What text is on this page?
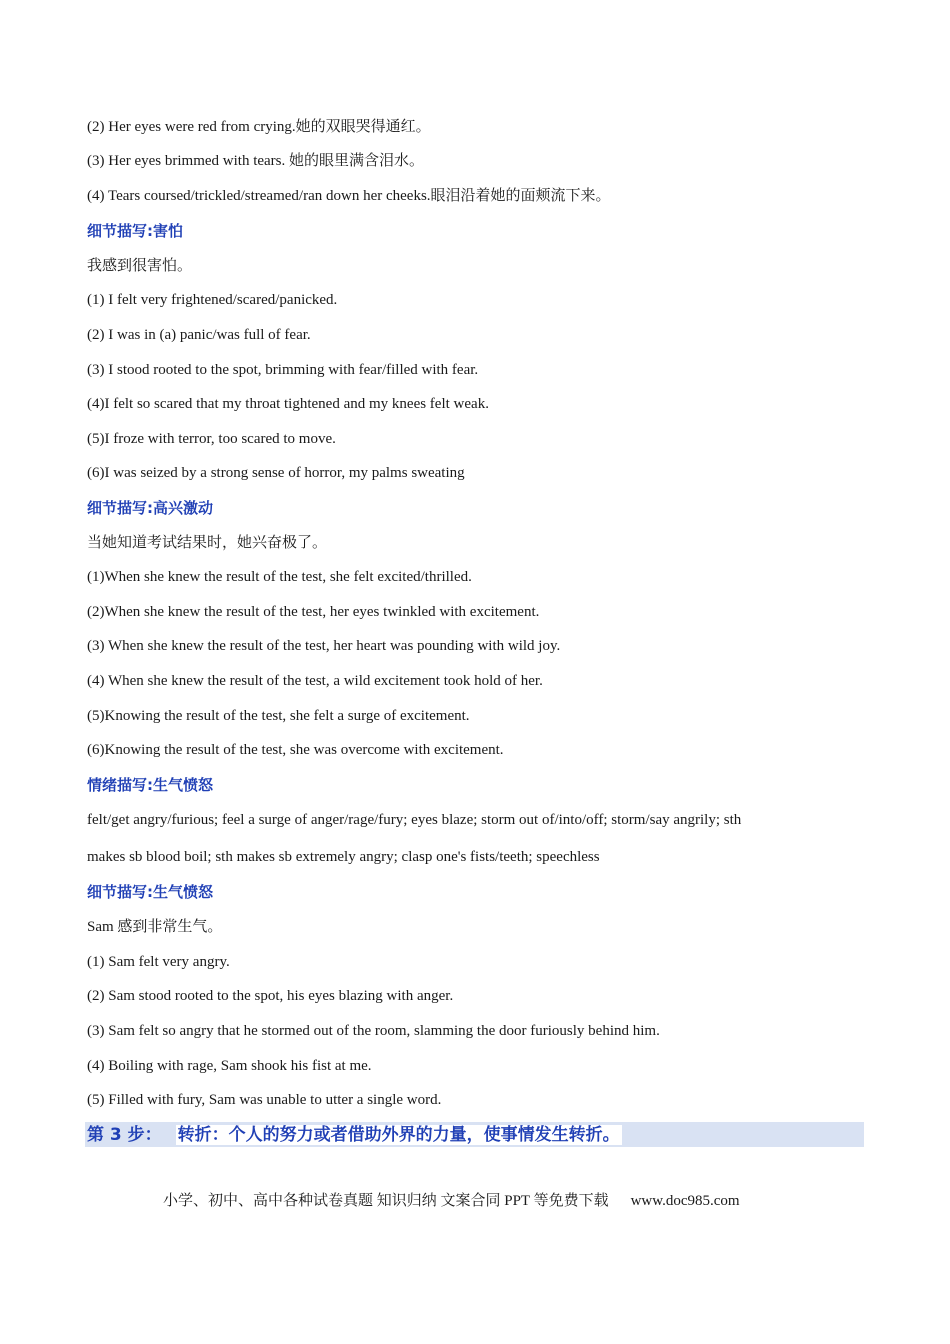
(2) Her eyes were red from crying.她的双眼哭得通红。
(3) Her eyes brimmed with tears. 她的眼里满含泪水。
(4) Tears coursed/trickled/streamed/ran down her cheeks.眼泪沿着她的面颊流下来。
细节描写:害怕
我感到很害怕。
(1) I felt very frightened/scared/panicked.
(2) I was in (a) panic/was full of fear.
(3) I stood rooted to the spot, brimming with fear/filled with fear.
(4)I felt so scared that my throat tightened and my knees felt weak.
(5)I froze with terror, too scared to move.
(6)I was seized by a strong sense of horror, my palms sweating
细节描写:高兴激动
当她知道考试结果时，她兴奋极了。
(1)When she knew the result of the test, she felt excited/thrilled.
(2)When she knew the result of the test, her eyes twinkled with excitement.
(3) When she knew the result of the test, her heart was pounding with wild joy.
(4) When she knew the result of the test, a wild excitement took hold of her.
(5)Knowing the result of the test, she felt a surge of excitement.
(6)Knowing the result of the test, she was overcome with excitement.
情绪描写:生气愤怒
felt/get angry/furious; feel a surge of anger/rage/fury; eyes blaze; storm out of/into/off; storm/say angrily; sth
makes sb blood boil; sth makes sb extremely angry; clasp one's fists/teeth; speechless
细节描写:生气愤怒
Sam 感到非常生气。
(1) Sam felt very angry.
(2) Sam stood rooted to the spot, his eyes blazing with anger.
(3) Sam felt so angry that he stormed out of the room, slamming the door furiously behind him.
(4) Boiling with rage, Sam shook his fist at me.
(5) Filled with fury, Sam was unable to utter a single word.
第 3 步： 转折：个人的努力或者借助外界的力量，使事情发生转折。
小学、初中、高中各种试卷真题 知识归纳 文案合同 PPT 等免费下载 www.doc985.com
